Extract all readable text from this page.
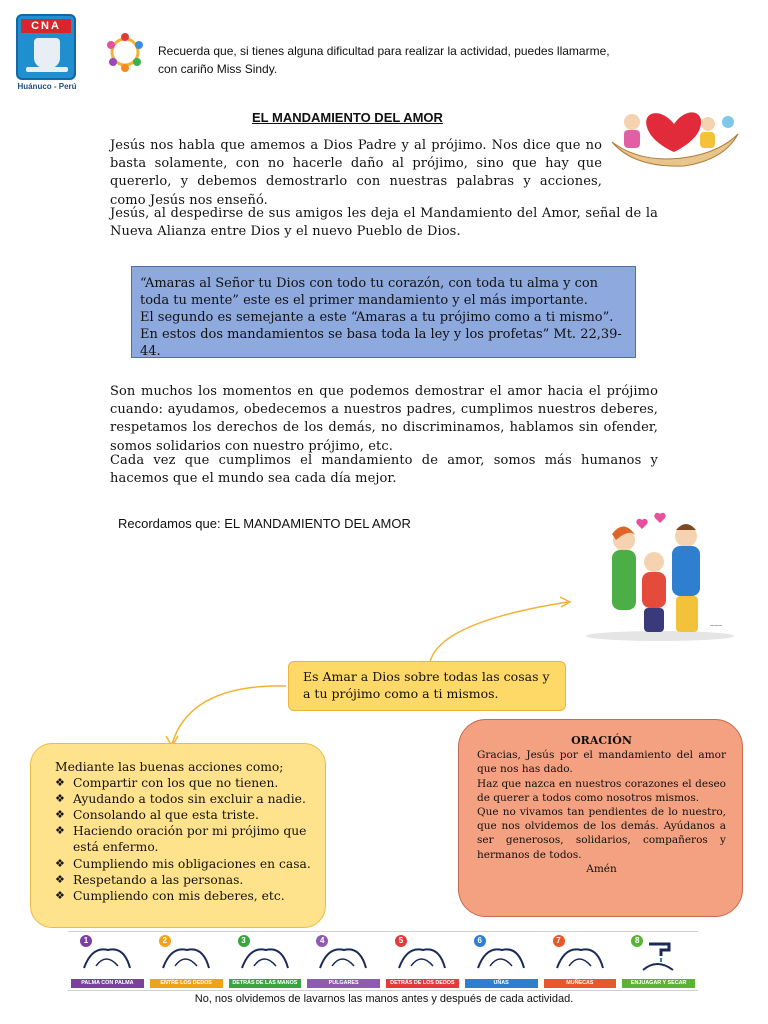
CNA
Huánuco - Perú
Recuerda que, si tienes alguna dificultad para realizar la actividad, puedes llamarme,
con cariño Miss Sindy.
EL MANDAMIENTO DEL AMOR
Jesús nos habla que amemos a Dios Padre y al prójimo. Nos dice que no basta solamente, con no hacerle daño al prójimo, sino que hay que quererlo, y debemos demostrarlo con nuestras palabras y acciones, como Jesús nos enseñó.
Jesús, al despedirse de sus amigos les deja el Mandamiento del Amor, señal de la Nueva Alianza entre Dios y el nuevo Pueblo de Dios.
“Amaras al Señor tu Dios con todo tu corazón, con toda tu alma y con toda tu mente” este es el primer mandamiento y el más importante.
El segundo es semejante a este “Amaras a tu prójimo como a ti mismo”. En estos dos mandamientos se basa toda la ley y los profetas” Mt. 22,39-44.
Son muchos los momentos en que podemos demostrar el amor hacia el prójimo cuando: ayudamos, obedecemos a nuestros padres, cumplimos nuestros deberes, respetamos los derechos de los demás, no discriminamos, hablamos sin ofender, somos solidarios con nuestro prójimo, etc.
Cada vez que cumplimos el mandamiento de amor, somos más humanos y hacemos que el mundo sea cada día mejor.
Recordamos que: EL MANDAMIENTO DEL AMOR
~~~
Es Amar a Dios sobre todas las cosas y a tu prójimo como a ti mismos.
Mediante las buenas acciones como;
❖ Compartir con los que no tienen.
❖ Ayudando a todos sin excluir a nadie.
❖ Consolando al que esta triste.
❖ Haciendo oración por mi prójimo que está enfermo.
❖ Cumpliendo mis obligaciones en casa.
❖ Respetando a las personas.
❖ Cumpliendo con mis deberes, etc.
ORACIÓN
Gracias, Jesús por el mandamiento del amor que nos has dado.
Haz que nazca en nuestros corazones el deseo de querer a todos como nosotros mismos.
Que no vivamos tan pendientes de lo nuestro, que nos olvidemos de los demás. Ayúdanos a ser generosos, solidarios, compañeros y hermanos de todos.
Amén
1
PALMA CON PALMA
2
ENTRE LOS DEDOS
3
DETRÁS DE LAS MANOS
4
PULGARES
5
DETRÁS DE LOS DEDOS
6
UÑAS
7
MUÑECAS
8
ENJUAGAR Y SECAR
No, nos olvidemos de lavarnos las manos antes y después de cada actividad.
